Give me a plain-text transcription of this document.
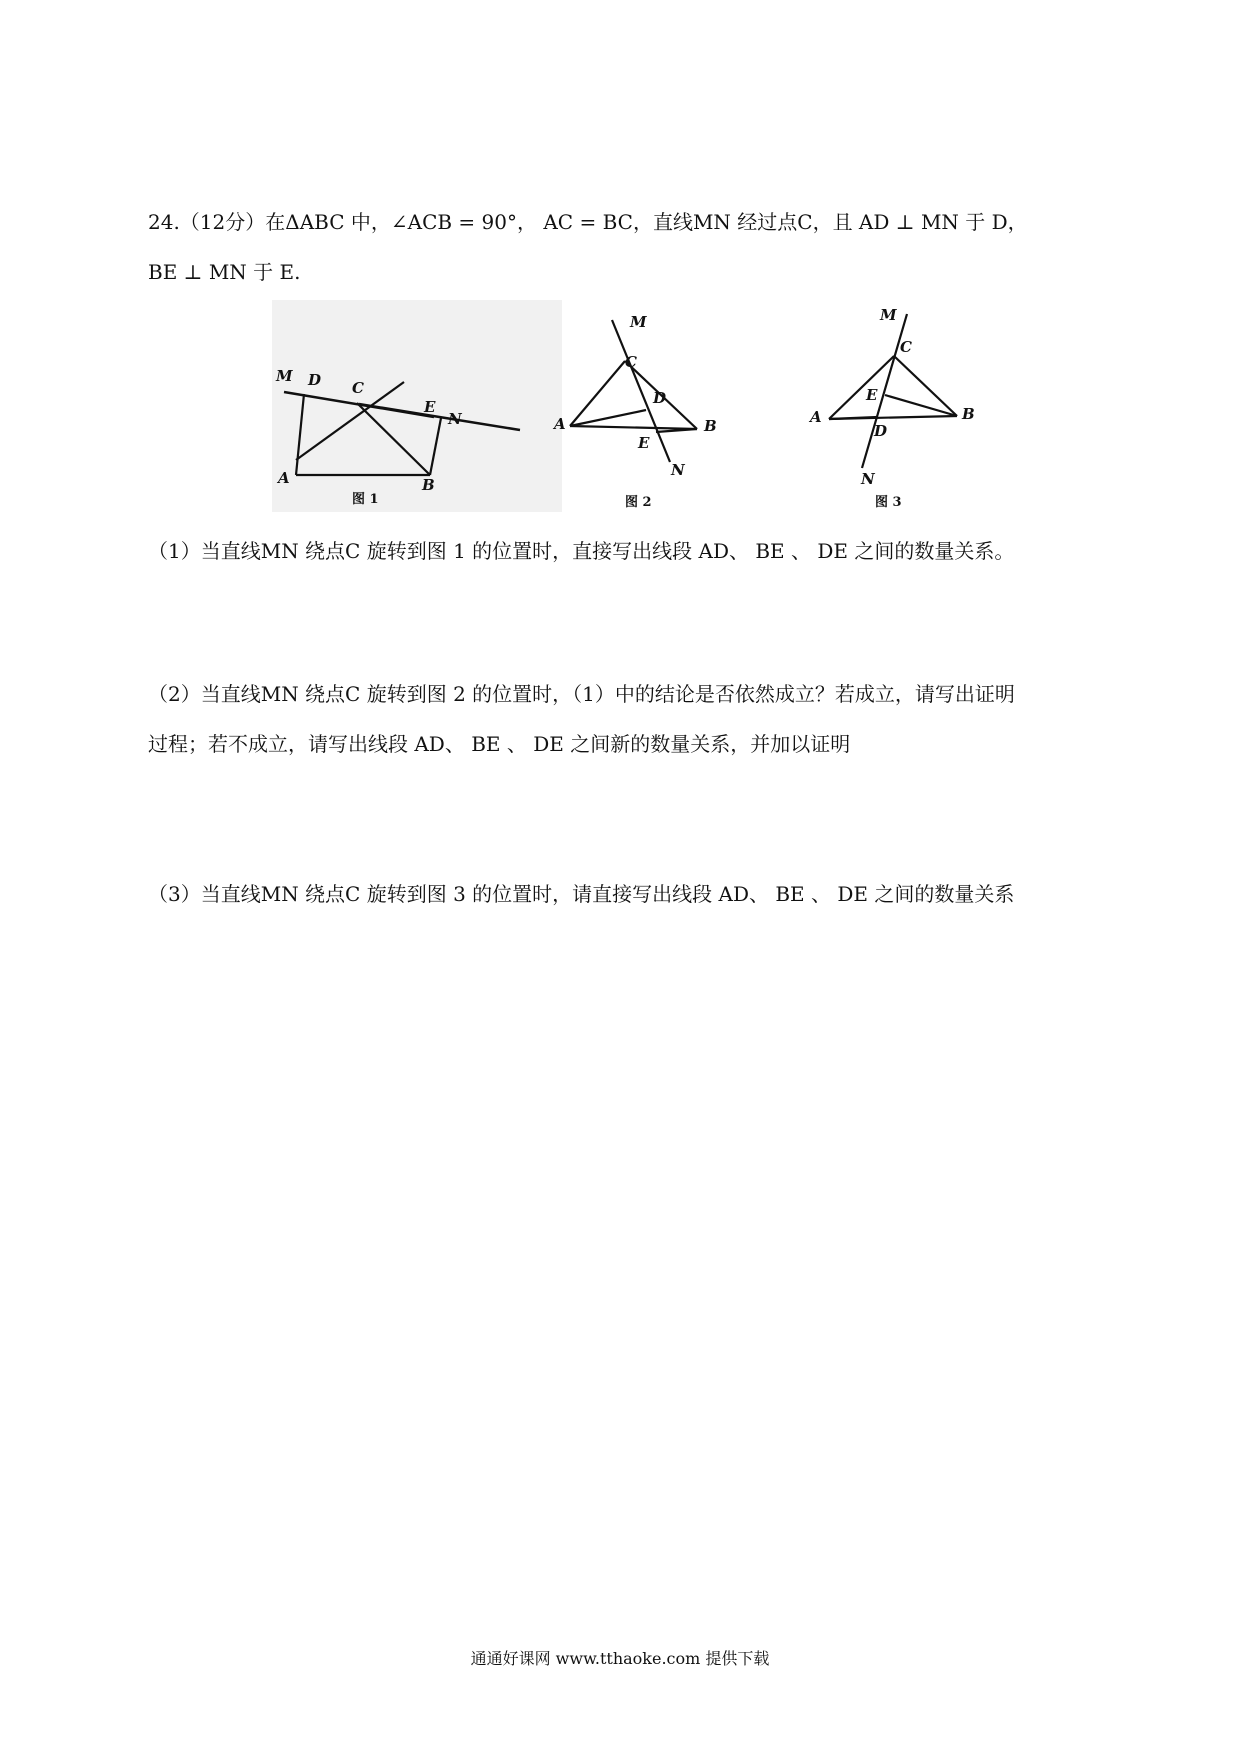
24.（12分）在ΔABC 中，∠ACB = 90°， AC = BC，直线MN 经过点C，且 AD ⊥ MN 于 D，

BE ⊥ MN 于 E.

M D C
E
N
A	B
图 1
M
C
D
A	B
E
N
图 2
M
C
E
A
D
B
N
图 3

（1）当直线MN 绕点C 旋转到图 1 的位置时，直接写出线段 AD、 BE 、 DE 之间的数量关系。

（2）当直线MN 绕点C 旋转到图 2 的位置时，（1）中的结论是否依然成立？若成立，请写出证明

过程；若不成立，请写出线段 AD、 BE 、 DE 之间新的数量关系，并加以证明

（3）当直线MN 绕点C 旋转到图 3 的位置时，请直接写出线段 AD、 BE 、 DE 之间的数量关系

通通好课网 www.tthaoke.com 提供下载
